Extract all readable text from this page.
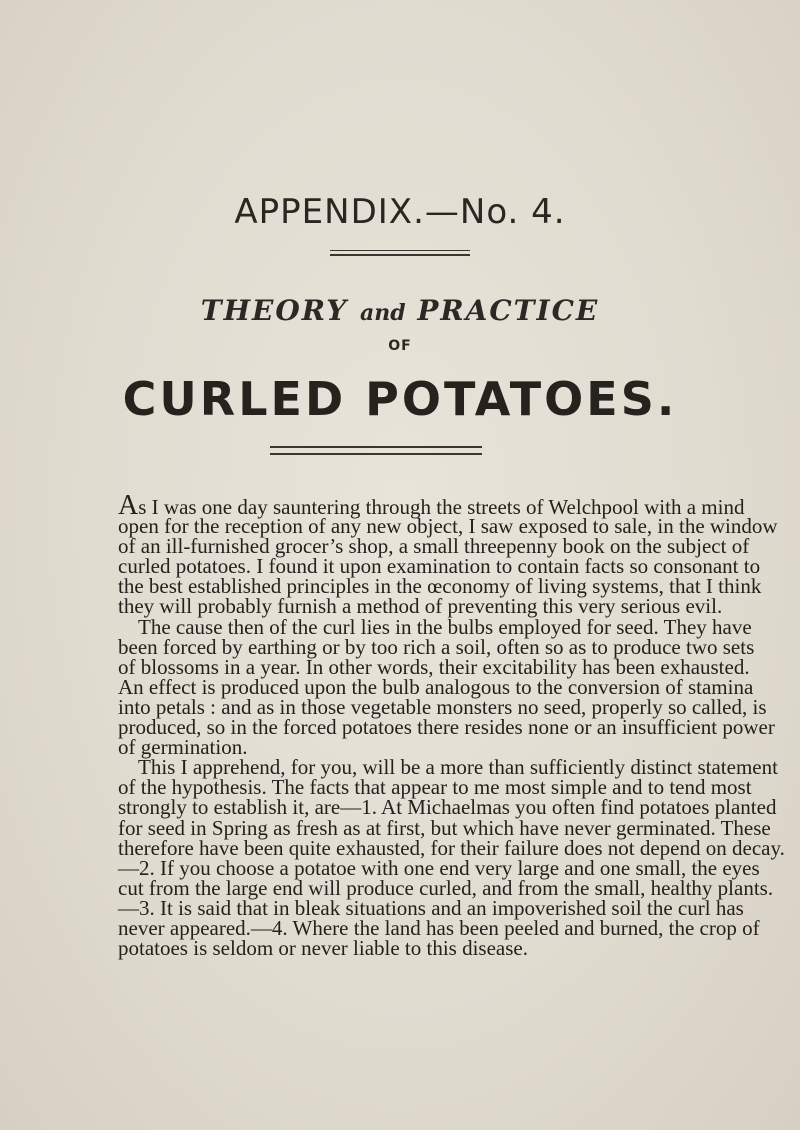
APPENDIX.—No. 4.
THEORY and PRACTICE
OF
CURLED POTATOES.
As I was one day sauntering through the streets of Welchpool with a mind
open for the reception of any new object, I saw exposed to sale, in the window
of an ill-furnished grocer’s shop, a small threepenny book on the subject of
curled potatoes. I found it upon examination to contain facts so consonant to
the best established principles in the œconomy of living systems, that I think
they will probably furnish a method of preventing this very serious evil.
The cause then of the curl lies in the bulbs employed for seed. They have
been forced by earthing or by too rich a soil, often so as to produce two sets
of blossoms in a year. In other words, their excitability has been exhausted.
An effect is produced upon the bulb analogous to the conversion of stamina
into petals : and as in those vegetable monsters no seed, properly so called, is
produced, so in the forced potatoes there resides none or an insufficient power
of germination.
This I apprehend, for you, will be a more than sufficiently distinct statement
of the hypothesis. The facts that appear to me most simple and to tend most
strongly to establish it, are—1. At Michaelmas you often find potatoes planted
for seed in Spring as fresh as at first, but which have never germinated. These
therefore have been quite exhausted, for their failure does not depend on decay.
—2. If you choose a potatoe with one end very large and one small, the eyes
cut from the large end will produce curled, and from the small, healthy plants.
—3. It is said that in bleak situations and an impoverished soil the curl has
never appeared.—4. Where the land has been peeled and burned, the crop of
potatoes is seldom or never liable to this disease.
